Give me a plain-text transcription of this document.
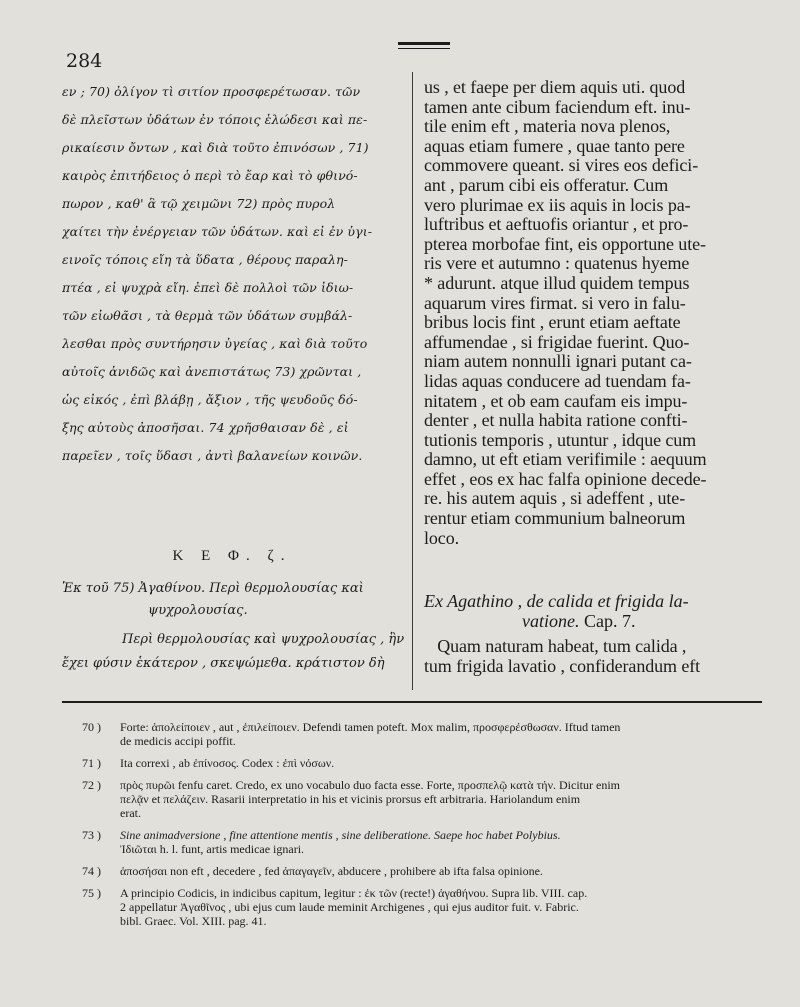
284
εν ; 70) ὀλίγον τὶ σιτίον προσφερέτωσαν. τῶν
δὲ πλεῖστων ὑδάτων ἐν τόποις ἑλώδεσι καὶ πε-
ρικαίεσιν ὄντων , καὶ διὰ τοῦτο ἐπινόσων , 71)
καιρὸς ἐπιτήδειος ὁ περὶ τὸ ἔαρ καὶ τὸ φθινό-
πωρον , καθ' ἃ τῷ χειμῶνι 72) πρὸς πυρολ
χαίτει τὴν ἐνέργειαν τῶν ὑδάτων. καὶ εἰ ἐν ὑγι-
εινοῖς τόποις εἴη τὰ ὕδατα , θέρους παραλη-
πτέα , εἰ ψυχρὰ εἴη. ἐπεὶ δὲ πολλοὶ τῶν ἰδιω-
τῶν εἰωθᾶσι , τὰ θερμὰ τῶν ὑδάτων συμβάλ-
λεσθαι πρὸς συντήρησιν ὑγείας , καὶ διὰ τοῦτο
αὐτοῖς ἀνιδῶς καὶ ἀνεπιστάτως 73) χρῶνται ,
ὡς εἰκός , ἐπὶ βλάβῃ , ἄξιον , τῆς ψευδοῦς δό-
ξης αὐτοὺς ἀποσῆσαι. 74 χρῆσθαισαν δὲ , εἰ
παρεῖεν , τοῖς ὕδασι , ἀντὶ βαλανείων κοινῶν.
Κ Ε Φ. ζ.
Ἐκ τοῦ 75) Ἀγαθίνου. Περὶ θερμολουσίας καὶ
ψυχρολουσίας.
Περὶ θερμολουσίας καὶ ψυχρολουσίας , ἣν
ἔχει φύσιν ἑκάτερον , σκεψώμεθα. κράτιστον δὴ
us , et faepe per diem aquis uti. quod
tamen ante cibum faciendum eft. inu-
tile enim eft , materia nova plenos,
aquas etiam fumere , quae tanto pere
commovere queant. si vires eos defici-
ant , parum cibi eis offeratur. Cum
vero plurimae ex iis aquis in locis pa-
luftribus et aeftuofis oriantur , et pro-
pterea morbofae fint, eis opportune ute-
ris vere et autumno : quatenus hyeme
* adurunt. atque illud quidem tempus
aquarum vires firmat. si vero in falu-
bribus locis fint , erunt etiam aeftate
affumendae , si frigidae fuerint. Quo-
niam autem nonnulli ignari putant ca-
lidas aquas conducere ad tuendam fa-
nitatem , et ob eam caufam eis impu-
denter , et nulla habita ratione confti-
tutionis temporis , utuntur , idque cum
damno, ut eft etiam verifimile : aequum
effet , eos ex hac falfa opinione decede-
re. his autem aquis , si adeffent , ute-
rentur etiam communium balneorum
loco.
Ex Agathino , de calida et frigida la-
vatione. Cap. 7.
Quam naturam habeat, tum calida ,
tum frigida lavatio , confiderandum eft
70 )	Forte: ἀπολείποιεν , aut , ἐπιλείποιεν. Defendi tamen poteft. Mox malim, προσφερέσθωσαν. Iftud tamen
de medicis accipi poffit.
71 )	Ita correxi , ab ἐπίνοσος. Codex : ἐπὶ νόσων.
72 )	πρὸς πυρῶι fenfu caret. Credo, ex uno vocabulo duo facta esse. Forte, προσπελῷ κατὰ τήν. Dicitur enim
πελᾷν et πελάζειν. Rasarii interpretatio in his et vicinis prorsus eft arbitraria. Hariolandum enim
erat.
73 )	Sine animadversione , fine attentione mentis , sine deliberatione. Saepe hoc habet Polybius.
Ἰδιῶται h. l. funt, artis medicae ignari.
74 )	ἀποσήσαι non eft , decedere , fed ἀπαγαγεῖν, abducere , prohibere ab ifta falsa opinione.
75 )	A principio Codicis, in indicibus capitum, legitur : ἐκ τῶν (recte!) ἀγαθήνου. Supra lib. VIII. cap.
2 appellatur Ἀγαθῖνος , ubi ejus cum laude meminit Archigenes , qui ejus auditor fuit. v. Fabric.
bibl. Graec. Vol. XIII. pag. 41.
